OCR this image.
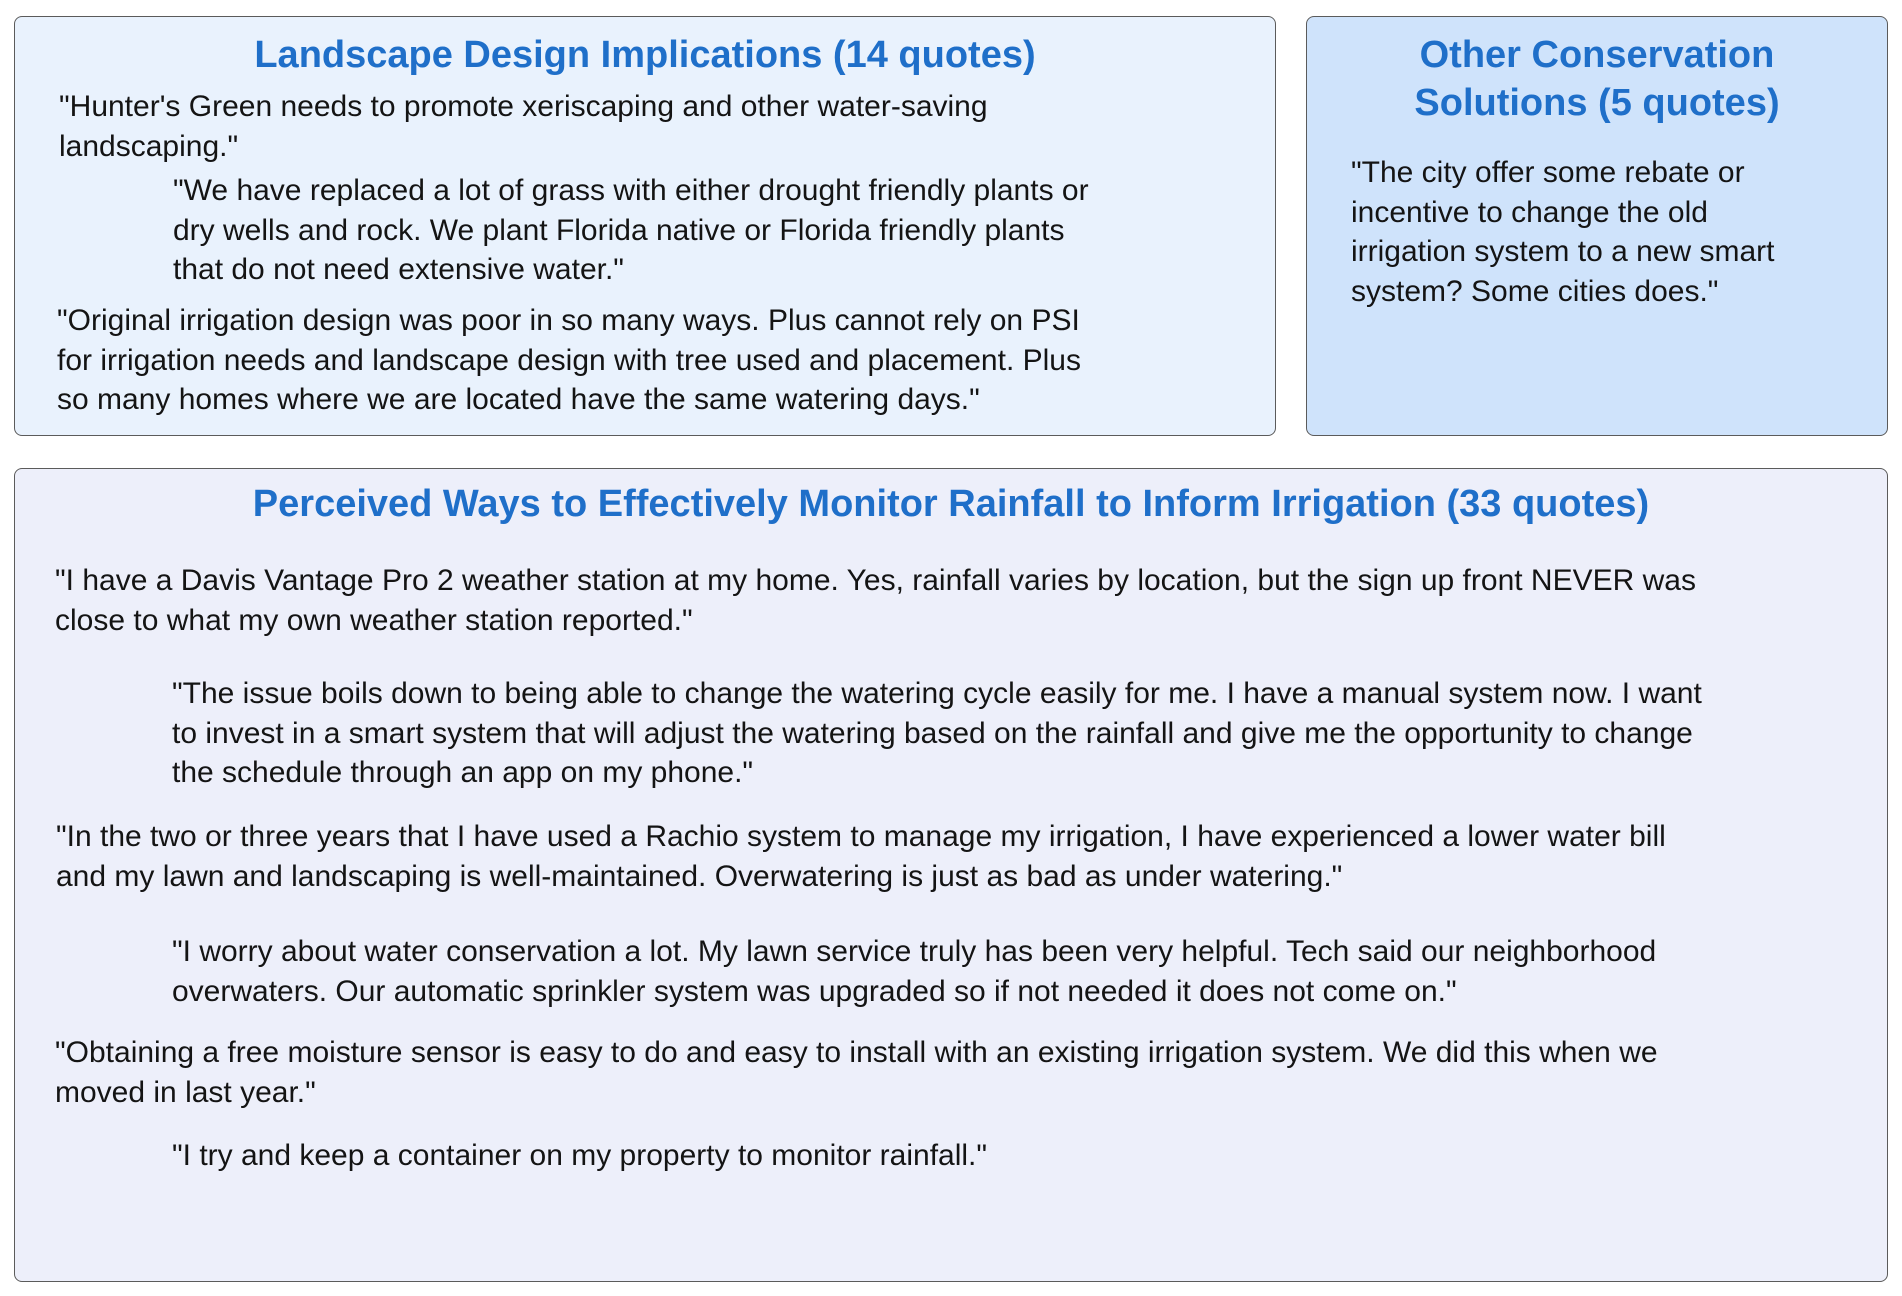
Landscape Design Implications (14 quotes)
"Hunter's Green needs to promote xeriscaping and other water-saving
landscaping."
"We have replaced a lot of grass with either drought friendly plants or
dry wells and rock. We plant Florida native or Florida friendly plants
that do not need extensive water."
"Original irrigation design was poor in so many ways. Plus cannot rely on PSI
for irrigation needs and landscape design with tree used and placement. Plus
so many homes where we are located have the same watering days."
Other Conservation
Solutions (5 quotes)
"The city offer some rebate or
incentive to change the old
irrigation system to a new smart
system? Some cities does."
Perceived Ways to Effectively Monitor Rainfall to Inform Irrigation (33 quotes)
"I have a Davis Vantage Pro 2 weather station at my home. Yes, rainfall varies by location, but the sign up front NEVER was
close to what my own weather station reported."
"The issue boils down to being able to change the watering cycle easily for me. I have a manual system now. I want
to invest in a smart system that will adjust the watering based on the rainfall and give me the opportunity to change
the schedule through an app on my phone."
"In the two or three years that I have used a Rachio system to manage my irrigation, I have experienced a lower water bill
and my lawn and landscaping is well-maintained. Overwatering is just as bad as under watering."
"I worry about water conservation a lot. My lawn service truly has been very helpful. Tech said our neighborhood
overwaters. Our automatic sprinkler system was upgraded so if not needed it does not come on."
"Obtaining a free moisture sensor is easy to do and easy to install with an existing irrigation system. We did this when we
moved in last year."
"I try and keep a container on my property to monitor rainfall."
